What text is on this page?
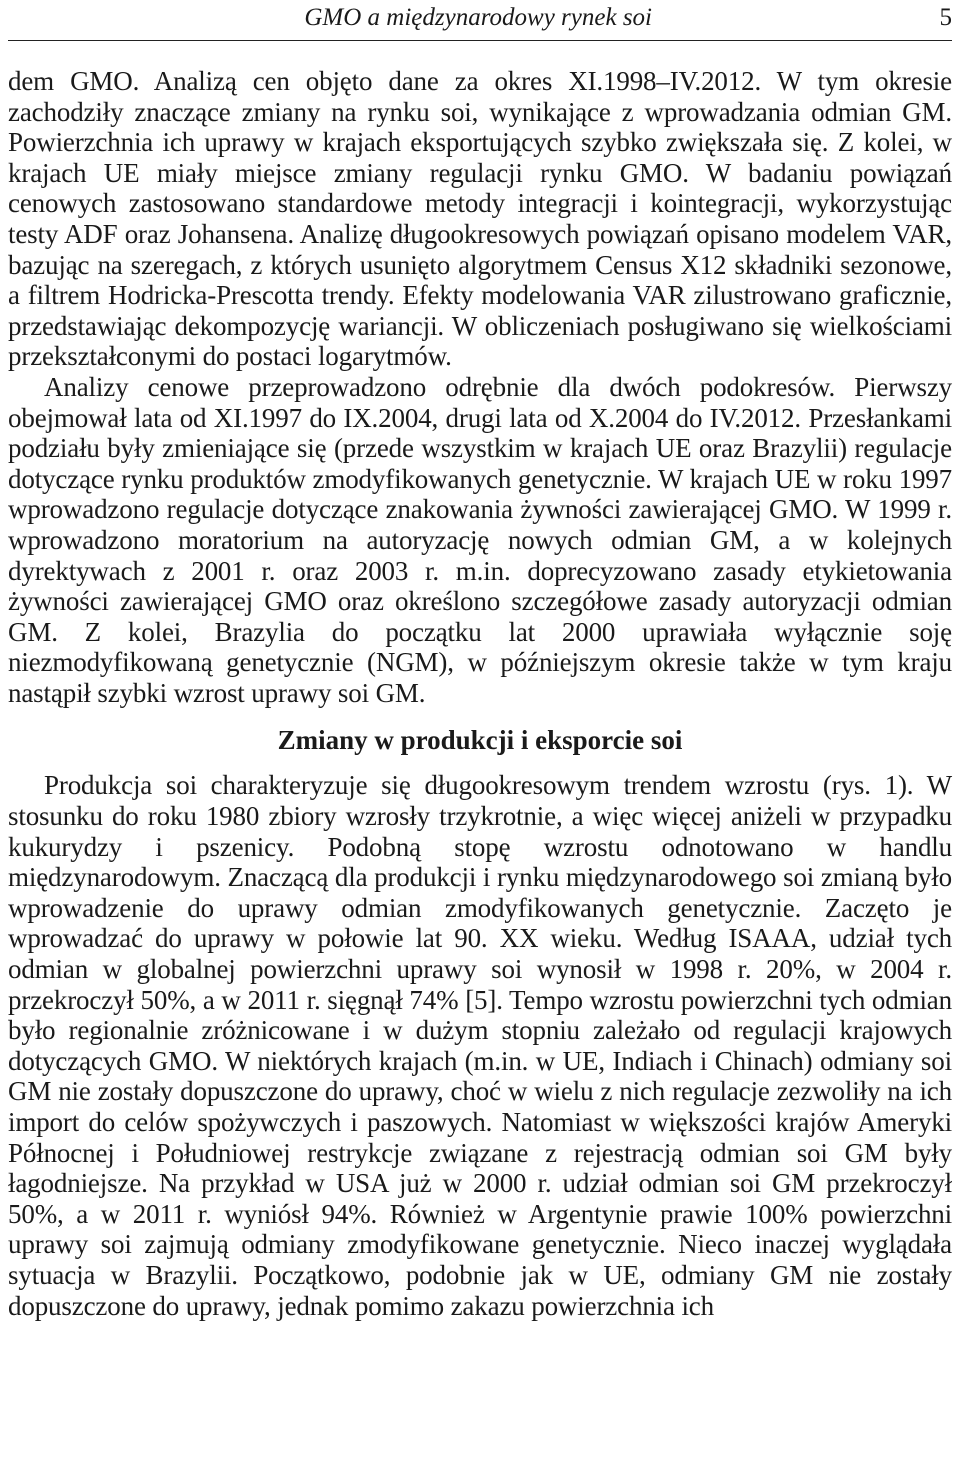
GMO a międzynarodowy rynek soi	5

dem GMO. Analizą cen objęto dane za okres XI.1998–IV.2012. W tym okresie zachodziły znaczące zmiany na rynku soi, wynikające z wprowadzania odmian GM. Powierzchnia ich uprawy w krajach eksportujących szybko zwiększała się. Z kolei, w krajach UE miały miejsce zmiany regulacji rynku GMO. W badaniu powiązań cenowych zastosowano standardowe metody integracji i kointegracji, wykorzystując testy ADF oraz Johansena. Analizę długookresowych powiązań opisano modelem VAR, bazując na szeregach, z których usunięto algorytmem Census X12 składniki sezonowe, a filtrem Hodricka-Prescotta trendy. Efekty modelowania VAR zilustrowano graficznie, przedstawiając dekompozycję wariancji. W obliczeniach posługiwano się wielkościami przekształconymi do postaci logarytmów.

Analizy cenowe przeprowadzono odrębnie dla dwóch podokresów. Pierwszy obejmował lata od XI.1997 do IX.2004, drugi lata od X.2004 do IV.2012. Przesłankami podziału były zmieniające się (przede wszystkim w krajach UE oraz Brazylii) regulacje dotyczące rynku produktów zmodyfikowanych genetycznie. W krajach UE w roku 1997 wprowadzono regulacje dotyczące znakowania żywności zawierającej GMO. W 1999 r. wprowadzono moratorium na autoryzację nowych odmian GM, a w kolejnych dyrektywach z 2001 r. oraz 2003 r. m.in. doprecyzowano zasady etykietowania żywności zawierającej GMO oraz określono szczegółowe zasady autoryzacji odmian GM. Z kolei, Brazylia do początku lat 2000 uprawiała wyłącznie soję niezmodyfikowaną genetycznie (NGM), w późniejszym okresie także w tym kraju nastąpił szybki wzrost uprawy soi GM.

Zmiany w produkcji i eksporcie soi

Produkcja soi charakteryzuje się długookresowym trendem wzrostu (rys. 1). W stosunku do roku 1980 zbiory wzrosły trzykrotnie, a więc więcej aniżeli w przypadku kukurydzy i pszenicy. Podobną stopę wzrostu odnotowano w handlu międzynarodowym. Znaczącą dla produkcji i rynku międzynarodowego soi zmianą było wprowadzenie do uprawy odmian zmodyfikowanych genetycznie. Zaczęto je wprowadzać do uprawy w połowie lat 90. XX wieku. Według ISAAA, udział tych odmian w globalnej powierzchni uprawy soi wynosił w 1998 r. 20%, w 2004 r. przekroczył 50%, a w 2011 r. sięgnął 74% [5]. Tempo wzrostu powierzchni tych odmian było regionalnie zróżnicowane i w dużym stopniu zależało od regulacji krajowych dotyczących GMO. W niektórych krajach (m.in. w UE, Indiach i Chinach) odmiany soi GM nie zostały dopuszczone do uprawy, choć w wielu z nich regulacje zezwoliły na ich import do celów spożywczych i paszowych. Natomiast w większości krajów Ameryki Północnej i Południowej restrykcje związane z rejestracją odmian soi GM były łagodniejsze. Na przykład w USA już w 2000 r. udział odmian soi GM przekroczył 50%, a w 2011 r. wyniósł 94%. Również w Argentynie prawie 100% powierzchni uprawy soi zajmują odmiany zmodyfikowane genetycznie. Nieco inaczej wyglądała sytuacja w Brazylii. Początkowo, podobnie jak w UE, odmiany GM nie zostały dopuszczone do uprawy, jednak pomimo zakazu powierzchnia ich
